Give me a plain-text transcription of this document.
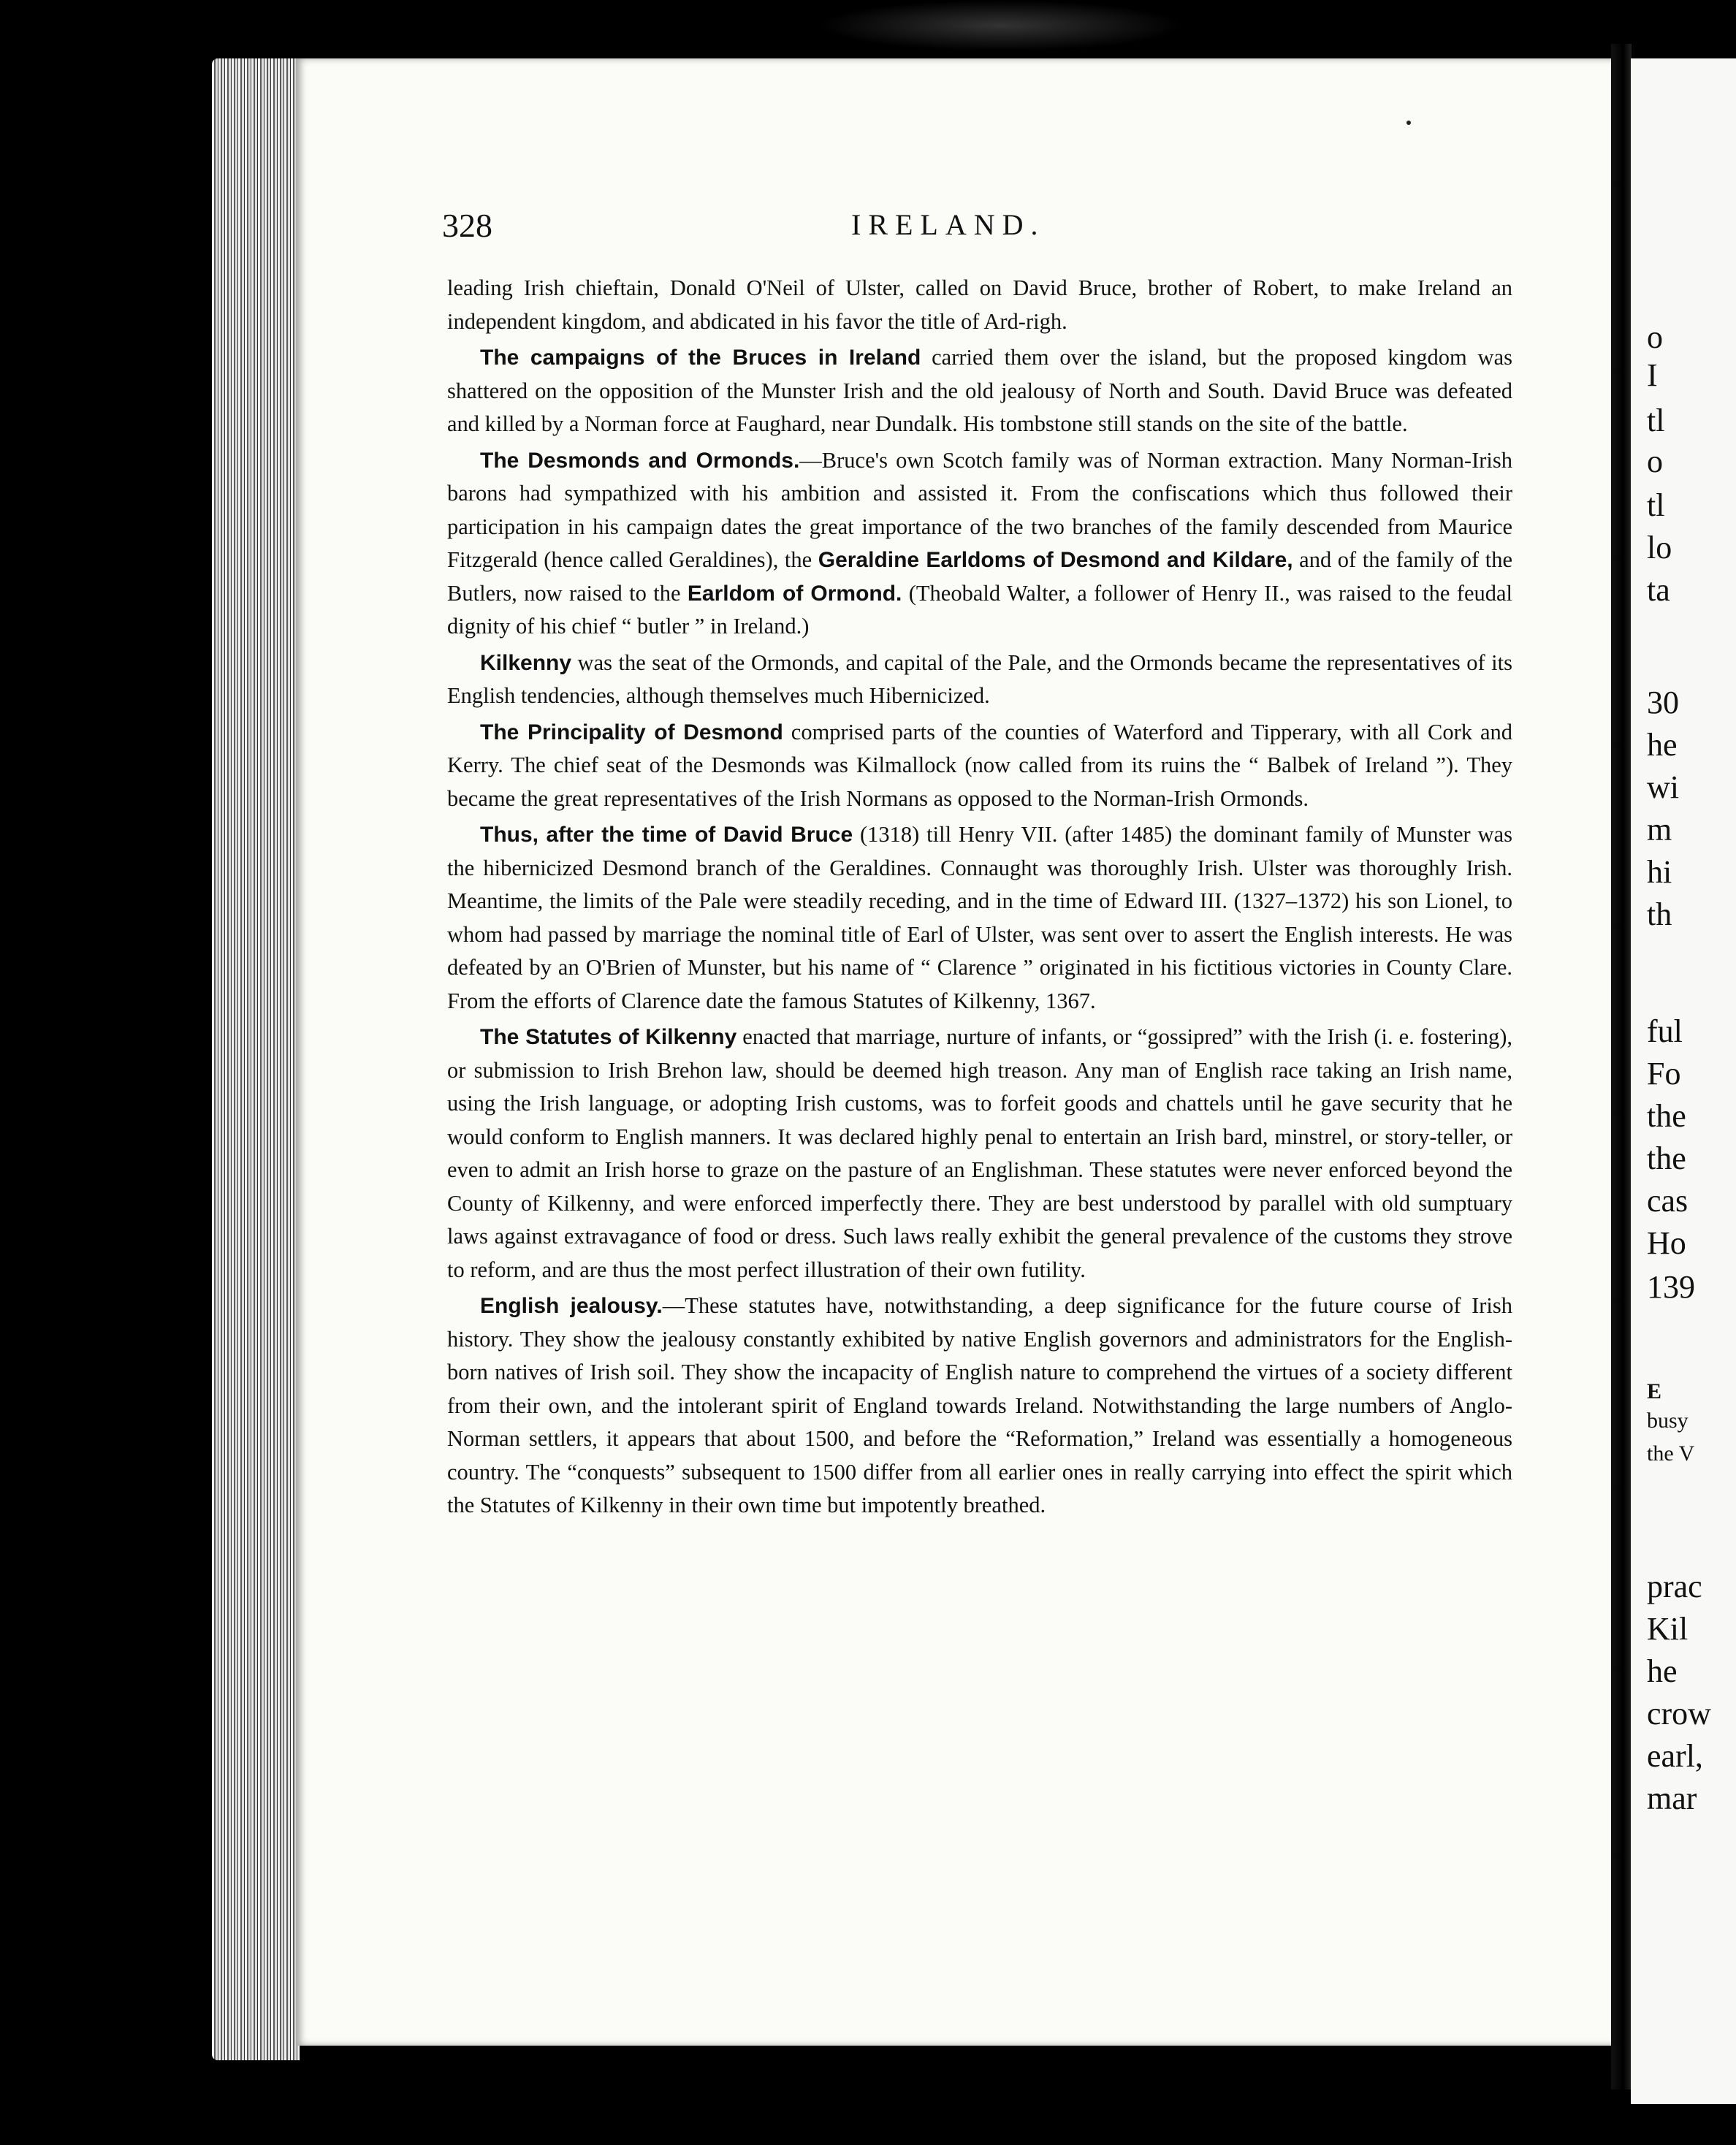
328	IRELAND.

leading Irish chieftain, Donald O'Neil of Ulster, called on David Bruce, brother of Robert, to make Ireland an independent kingdom, and abdicated in his favor the title of Ard-righ.

The campaigns of the Bruces in Ireland carried them over the island, but the proposed kingdom was shattered on the opposition of the Munster Irish and the old jealousy of North and South. David Bruce was defeated and killed by a Norman force at Faughard, near Dundalk. His tombstone still stands on the site of the battle.

The Desmonds and Ormonds.—Bruce's own Scotch family was of Norman extraction. Many Norman-Irish barons had sympathized with his ambition and assisted it. From the confiscations which thus followed their participation in his campaign dates the great importance of the two branches of the family descended from Maurice Fitzgerald (hence called Geraldines), the Geraldine Earldoms of Desmond and Kildare, and of the family of the Butlers, now raised to the Earldom of Ormond. (Theobald Walter, a follower of Henry II., was raised to the feudal dignity of his chief “ butler ” in Ireland.)

Kilkenny was the seat of the Ormonds, and capital of the Pale, and the Ormonds became the representatives of its English tendencies, although themselves much Hibernicized.

The Principality of Desmond comprised parts of the counties of Waterford and Tipperary, with all Cork and Kerry. The chief seat of the Desmonds was Kilmallock (now called from its ruins the “ Balbek of Ireland ”). They became the great representatives of the Irish Normans as opposed to the Norman-Irish Ormonds.

Thus, after the time of David Bruce (1318) till Henry VII. (after 1485) the dominant family of Munster was the hibernicized Desmond branch of the Geraldines. Connaught was thoroughly Irish. Ulster was thoroughly Irish. Meantime, the limits of the Pale were steadily receding, and in the time of Edward III. (1327–1372) his son Lionel, to whom had passed by marriage the nominal title of Earl of Ulster, was sent over to assert the English interests. He was defeated by an O'Brien of Munster, but his name of “ Clarence ” originated in his fictitious victories in County Clare. From the efforts of Clarence date the famous Statutes of Kilkenny, 1367.

The Statutes of Kilkenny enacted that marriage, nurture of infants, or “gossipred” with the Irish (i. e. fostering), or submission to Irish Brehon law, should be deemed high treason. Any man of English race taking an Irish name, using the Irish language, or adopting Irish customs, was to forfeit goods and chattels until he gave security that he would conform to English manners. It was declared highly penal to entertain an Irish bard, minstrel, or story-teller, or even to admit an Irish horse to graze on the pasture of an Englishman. These statutes were never enforced beyond the County of Kilkenny, and were enforced imperfectly there. They are best understood by parallel with old sumptuary laws against extravagance of food or dress. Such laws really exhibit the general prevalence of the customs they strove to reform, and are thus the most perfect illustration of their own futility.

English jealousy.—These statutes have, notwithstanding, a deep significance for the future course of Irish history. They show the jealousy constantly exhibited by native English governors and administrators for the English-born natives of Irish soil. They show the incapacity of English nature to comprehend the virtues of a society different from their own, and the intolerant spirit of England towards Ireland. Notwithstanding the large numbers of Anglo-Norman settlers, it appears that about 1500, and before the “Reformation,” Ireland was essentially a homogeneous country. The “conquests” subsequent to 1500 differ from all earlier ones in really carrying into effect the spirit which the Statutes of Kilkenny in their own time but impotently breathed.

o
I
tl
o
tl
lo
ta
30
he
wi
m
hi
th
ful
Fo
the
the
cas
Ho
139
E
busy
the V
prac
Kil
he
crow
earl,
mar
